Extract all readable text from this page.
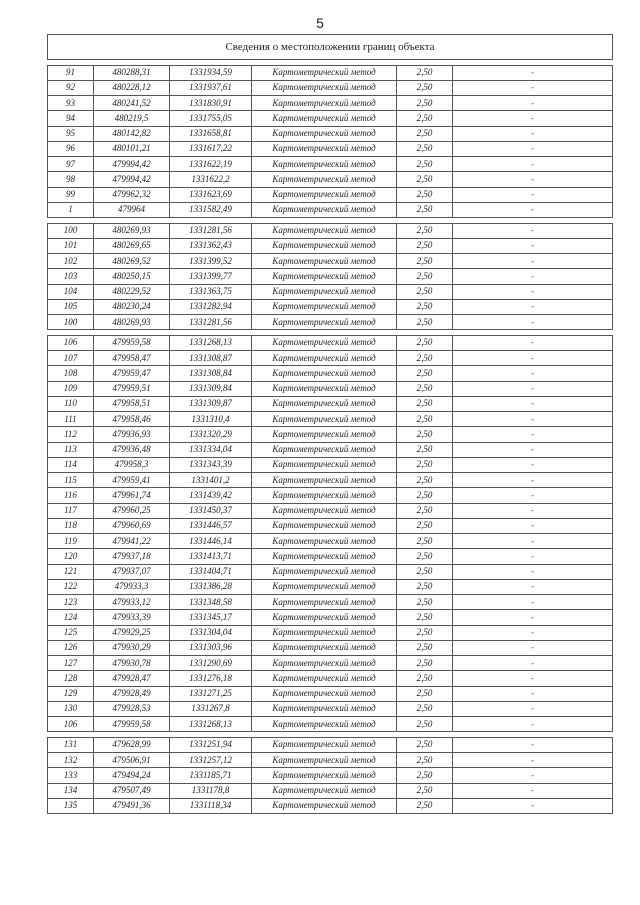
5
Сведения о местоположении границ объекта					

91	480288,31	1331934,59	Картометрический метод	2,50	-
92	480228,12	1331937,61	Картометрический метод	2,50	-
93	480241,52	1331830,91	Картометрический метод	2,50	-
94	480219,5	1331755,05	Картометрический метод	2,50	-
95	480142,82	1331658,81	Картометрический метод	2,50	-
96	480101,21	1331617,22	Картометрический метод	2,50	-
97	479994,42	1331622,19	Картометрический метод	2,50	-
98	479994,42	1331622,2	Картометрический метод	2,50	-
99	479962,32	1331623,69	Картометрический метод	2,50	-
1	479964	1331582,49	Картометрический метод	2,50	-

100	480269,93	1331281,56	Картометрический метод	2,50	-
101	480269,65	1331362,43	Картометрический метод	2,50	-
102	480269,52	1331399,52	Картометрический метод	2,50	-
103	480250,15	1331399,77	Картометрический метод	2,50	-
104	480229,52	1331363,75	Картометрический метод	2,50	-
105	480230,24	1331282,94	Картометрический метод	2,50	-
100	480269,93	1331281,56	Картометрический метод	2,50	-

106	479959,58	1331268,13	Картометрический метод	2,50	-
107	479958,47	1331308,87	Картометрический метод	2,50	-
108	479959,47	1331308,84	Картометрический метод	2,50	-
109	479959,51	1331309,84	Картометрический метод	2,50	-
110	479958,51	1331309,87	Картометрический метод	2,50	-
111	479958,46	1331310,4	Картометрический метод	2,50	-
112	479936,93	1331320,29	Картометрический метод	2,50	-
113	479936,48	1331334,04	Картометрический метод	2,50	-
114	479958,3	1331343,39	Картометрический метод	2,50	-
115	479959,41	1331401,2	Картометрический метод	2,50	-
116	479961,74	1331439,42	Картометрический метод	2,50	-
117	479960,25	1331450,37	Картометрический метод	2,50	-
118	479960,69	1331446,57	Картометрический метод	2,50	-
119	479941,22	1331446,14	Картометрический метод	2,50	-
120	479937,18	1331413,71	Картометрический метод	2,50	-
121	479937,07	1331404,71	Картометрический метод	2,50	-
122	479933,3	1331386,28	Картометрический метод	2,50	-
123	479933,12	1331348,58	Картометрический метод	2,50	-
124	479933,39	1331345,17	Картометрический метод	2,50	-
125	479929,25	1331304,04	Картометрический метод	2,50	-
126	479930,29	1331303,96	Картометрический метод	2,50	-
127	479930,78	1331290,69	Картометрический метод	2,50	-
128	479928,47	1331276,18	Картометрический метод	2,50	-
129	479928,49	1331271,25	Картометрический метод	2,50	-
130	479928,53	1331267,8	Картометрический метод	2,50	-
106	479959,58	1331268,13	Картометрический метод	2,50	-

131	479628,99	1331251,94	Картометрический метод	2,50	-
132	479506,91	1331257,12	Картометрический метод	2,50	-
133	479494,24	1331185,71	Картометрический метод	2,50	-
134	479507,49	1331178,8	Картометрический метод	2,50	-
135	479491,36	1331118,34	Картометрический метод	2,50	-
